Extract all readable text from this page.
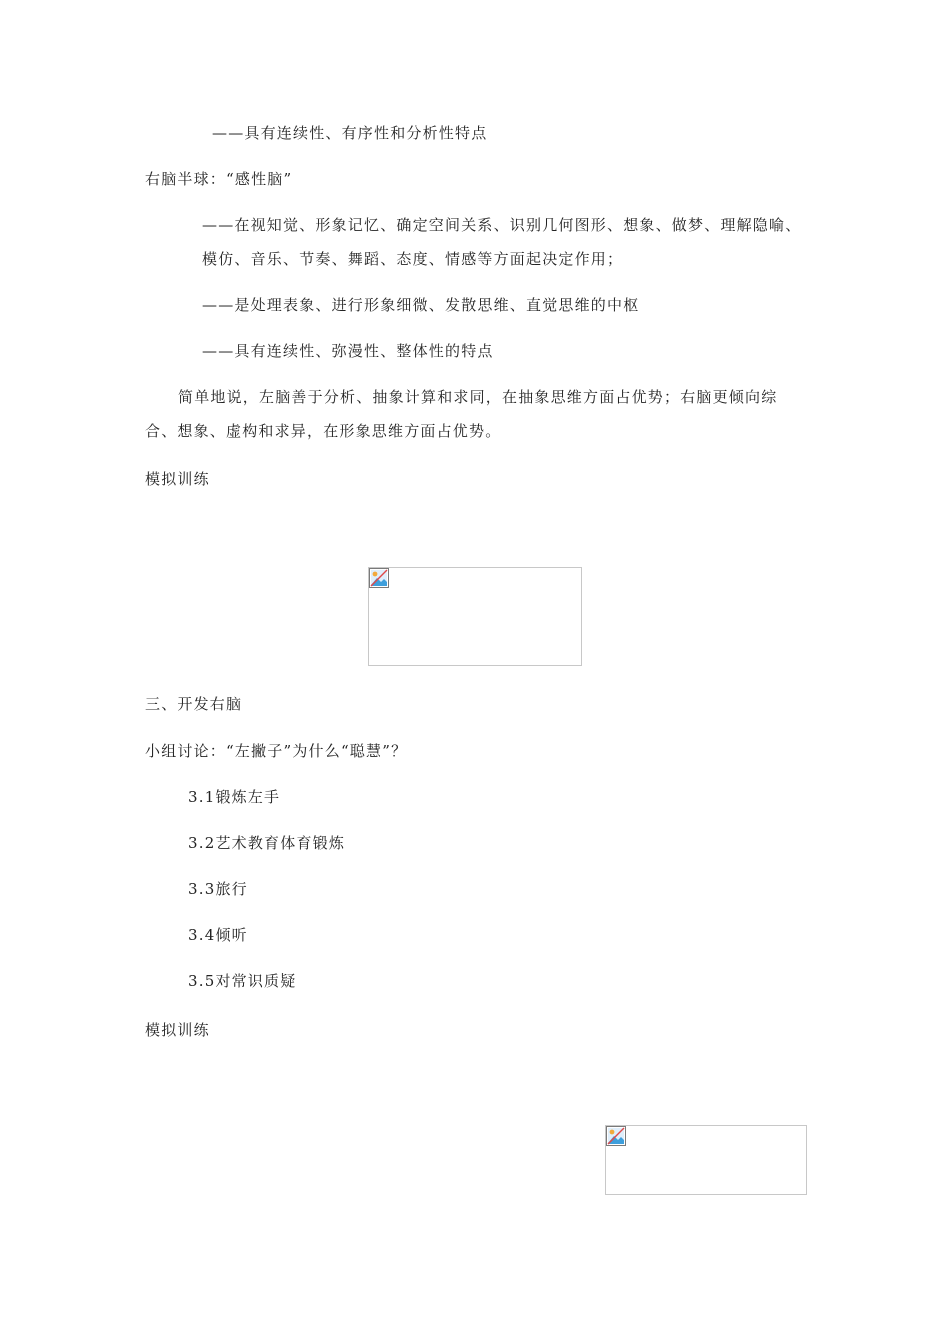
——具有连续性、有序性和分析性特点
右脑半球：“感性脑”
——在视知觉、形象记忆、确定空间关系、识别几何图形、想象、做梦、理解隐喻、
模仿、音乐、节奏、舞蹈、态度、情感等方面起决定作用；
——是处理表象、进行形象细微、发散思维、直觉思维的中枢
——具有连续性、弥漫性、整体性的特点
简单地说，左脑善于分析、抽象计算和求同，在抽象思维方面占优势；右脑更倾向综
合、想象、虚构和求异，在形象思维方面占优势。
模拟训练
三、开发右脑
小组讨论：“左撇子”为什么“聪慧”？
3.1锻炼左手
3.2艺术教育体育锻炼
3.3旅行
3.4倾听
3.5对常识质疑
模拟训练
